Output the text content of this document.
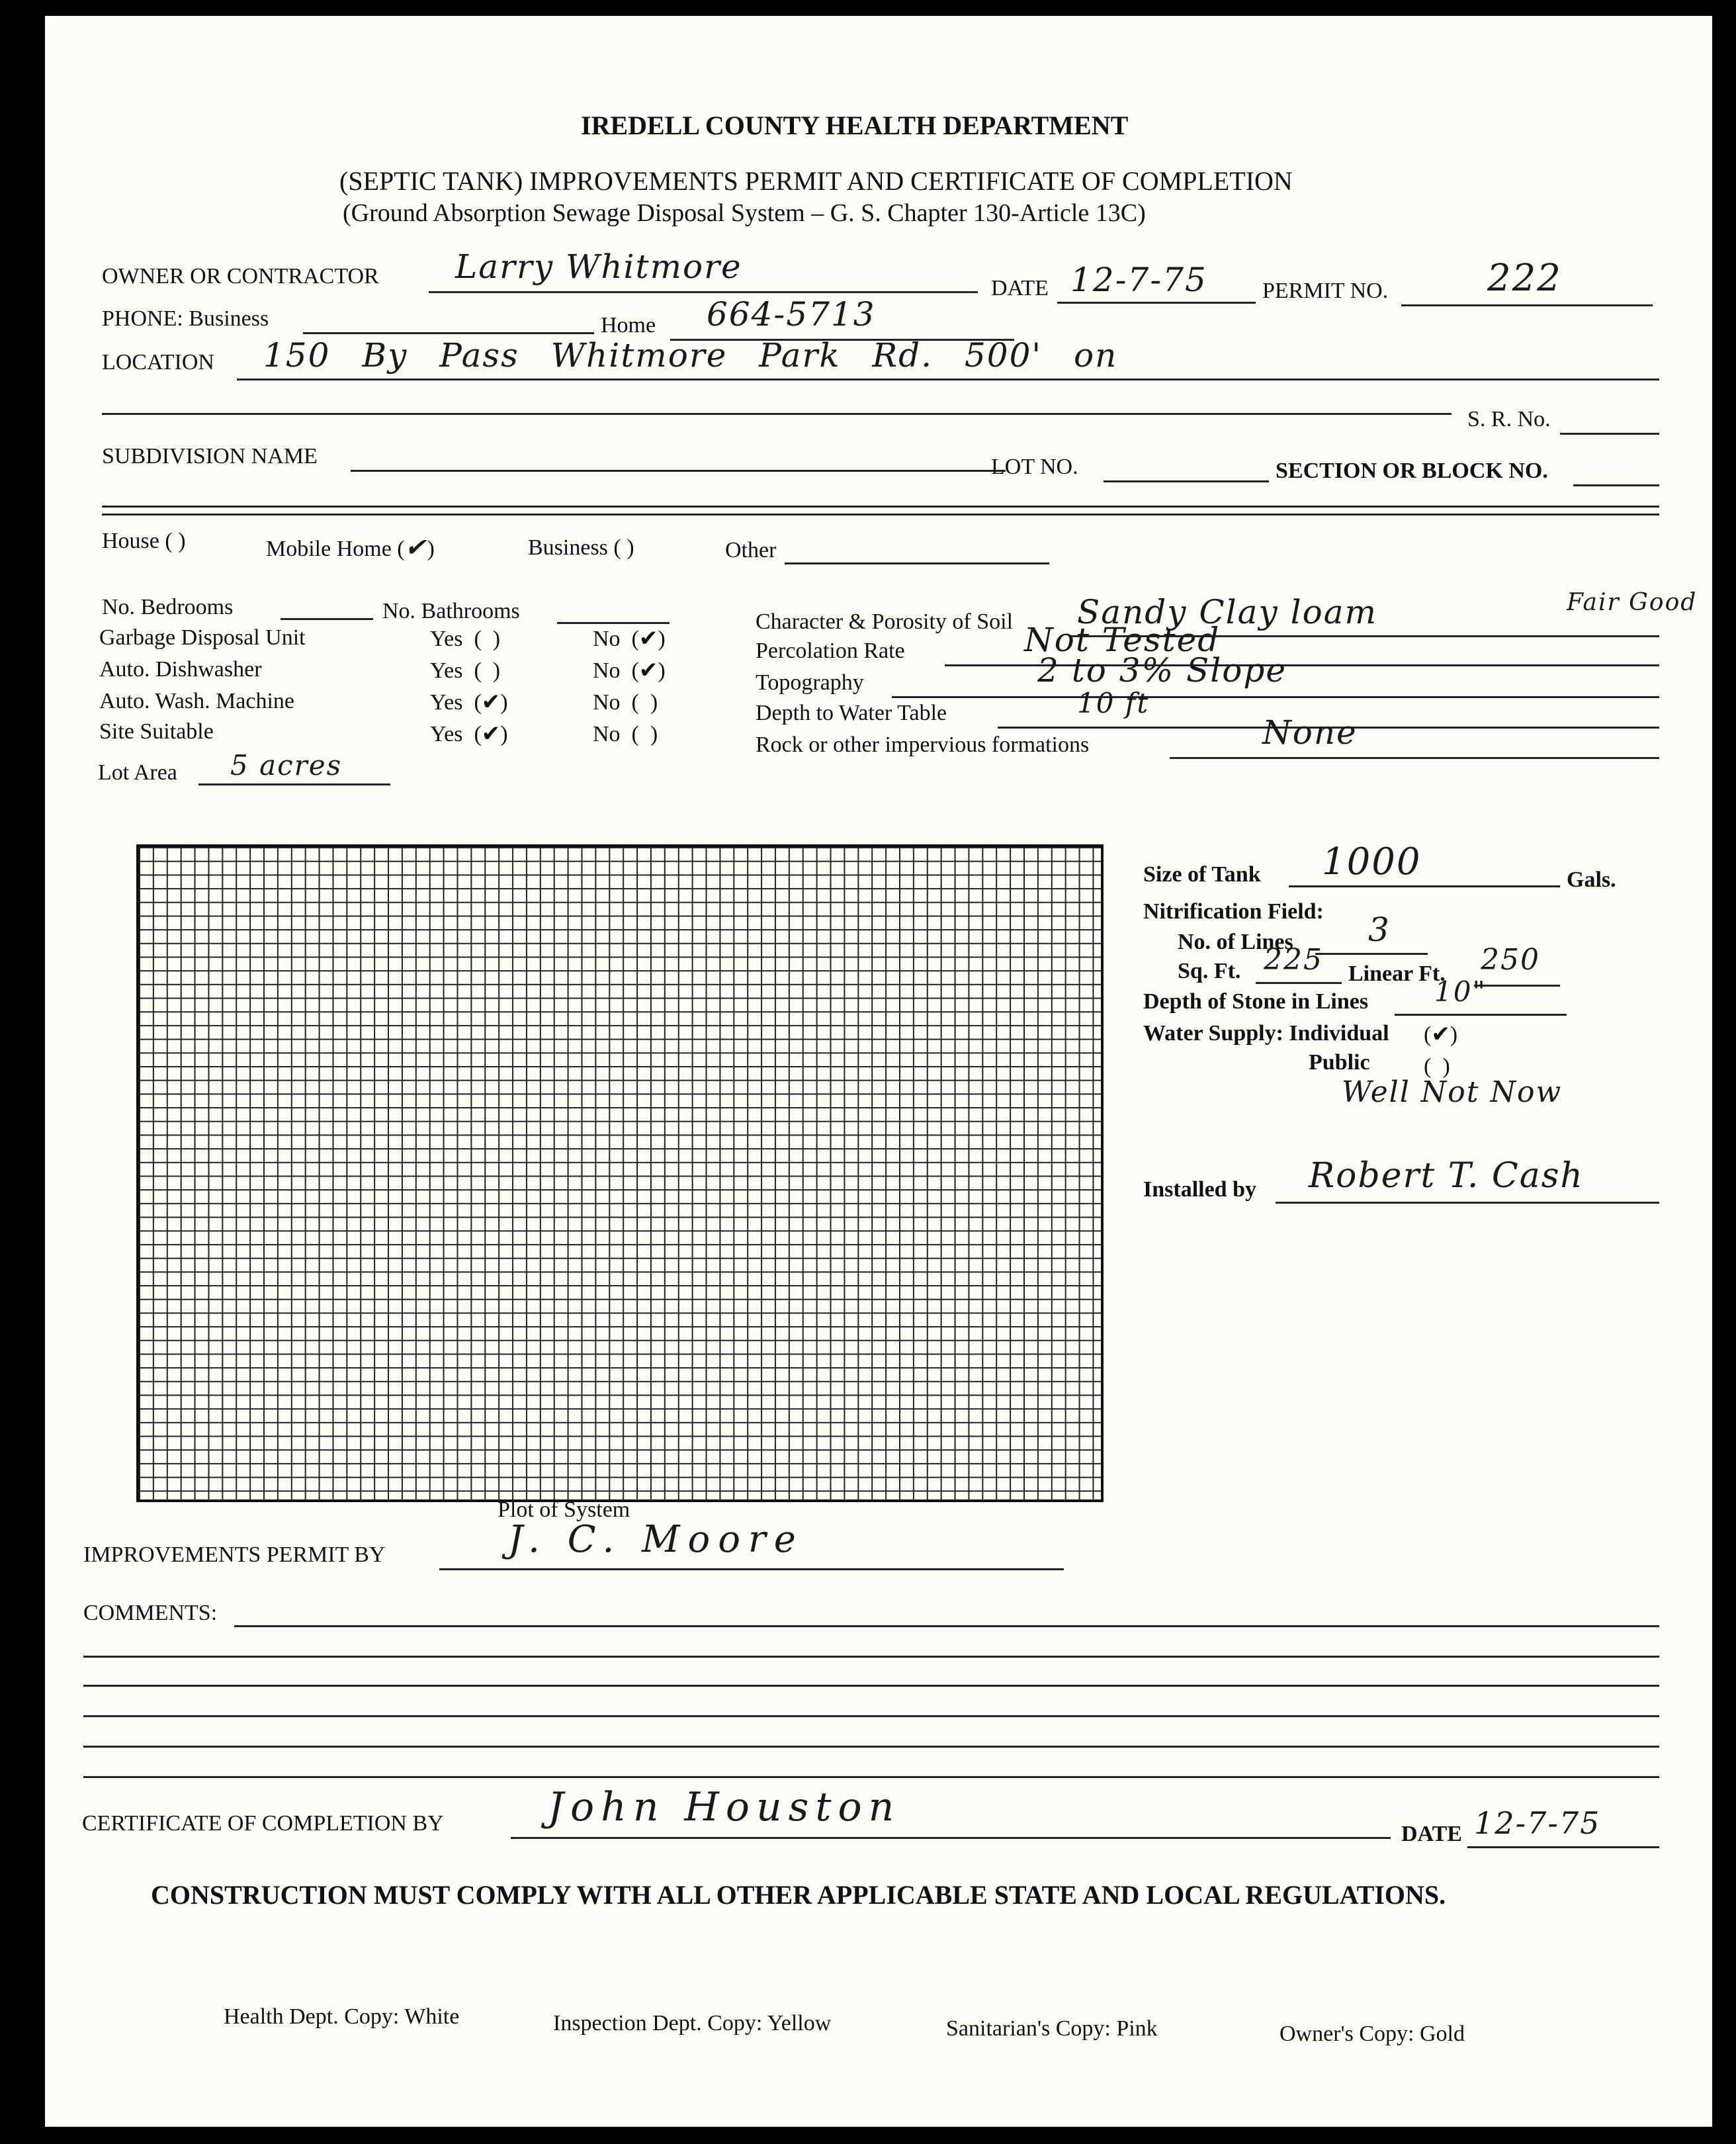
IREDELL COUNTY HEALTH DEPARTMENT
(SEPTIC TANK) IMPROVEMENTS PERMIT AND CERTIFICATE OF COMPLETION
(Ground Absorption Sewage Disposal System – G. S. Chapter 130-Article 13C)
OWNER OR CONTRACTOR Larry Whitmore
DATE 12-7-75 PERMIT NO.	222
PHONE: Business	Home 664-5713
LOCATION 150 By Pass Whitmore Park Rd. 500' on
S. R. No.
SUBDIVISION NAME	LOT NO.	SECTION OR BLOCK NO.
House ( )	Mobile Home (✔)	Business ( )	Other
No. Bedrooms	No. Bathrooms
Garbage Disposal Unit	Yes  (  )	No  (✔)
Auto. Dishwasher	Yes  (  )	No  (✔)
Auto. Wash. Machine	Yes  (✔)	No  (  )
Site Suitable	Yes  (✔)	No  (  )
Lot Area 5 acres
Character & Porosity of Soil Sandy Clay loam	Fair Good
Percolation Rate	Not Tested
Topography	2 to 3% Slope
Depth to Water Table	10 ft
Rock or other impervious formations	None
Plot of System
Size of Tank 1000	Gals.
Nitrification Field:
No. of Lines 3
Sq. Ft. 225 Linear Ft. 250
Depth of Stone in Lines 10"
Water Supply: Individual (✔)
Public (  )
Well Not Now
Installed by Robert T. Cash
IMPROVEMENTS PERMIT BY	J. C. Moore
COMMENTS:
CERTIFICATE OF COMPLETION BY	John Houston
DATE 12-7-75
CONSTRUCTION MUST COMPLY WITH ALL OTHER APPLICABLE STATE AND LOCAL REGULATIONS.
Health Dept. Copy: White	Inspection Dept. Copy: Yellow	Sanitarian's Copy: Pink	Owner's Copy: Gold
